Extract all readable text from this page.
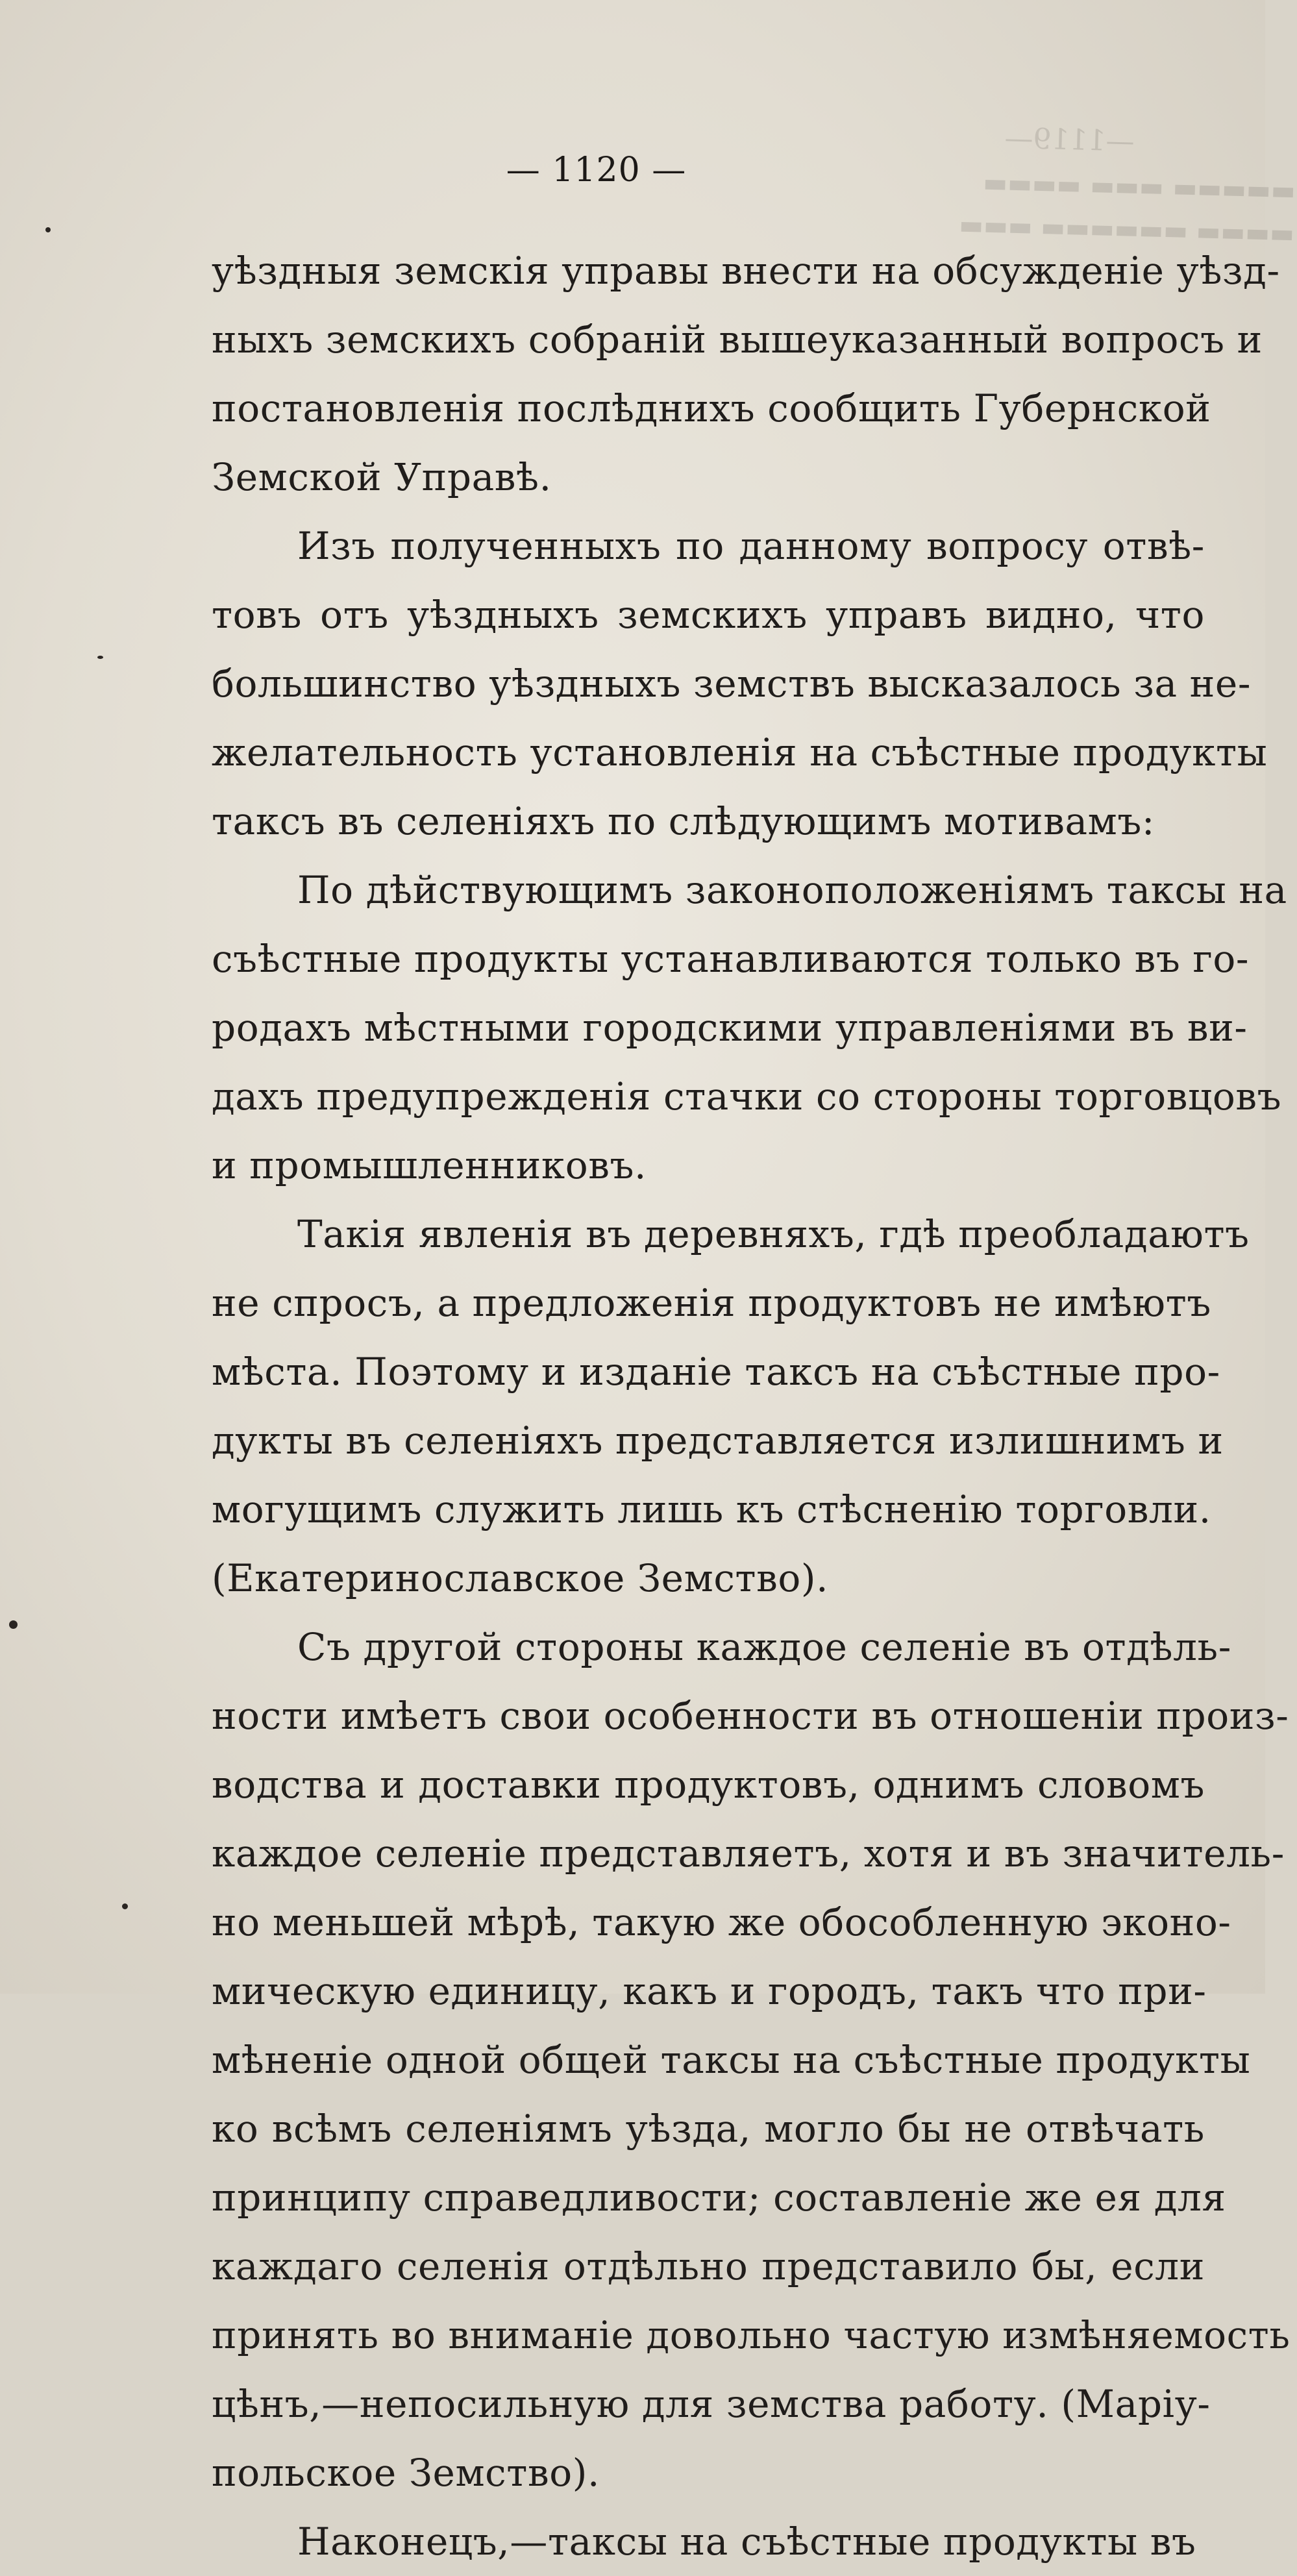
—1119—
▬▬▬▬▬ ▬▬▬ ▬▬▬▬
▬▬▬▬ ▬▬▬▬▬▬ ▬▬▬
— 1120 —
уѣздныя земскія управы внести на обсужденіе уѣзд-
ныхъ земскихъ собраній вышеуказанный вопросъ и
постановленія послѣднихъ сообщить Губернской
Земской Управѣ.
Изъ полученныхъ по данному вопросу отвѣ-
товъ отъ уѣздныхъ земскихъ управъ видно, что
большинство уѣздныхъ земствъ высказалось за не-
желательность установленія на съѣстные продукты
таксъ въ селеніяхъ по слѣдующимъ мотивамъ:
По дѣйствующимъ законоположеніямъ таксы на
съѣстные продукты устанавливаются только въ го-
родахъ мѣстными городскими управленіями въ ви-
дахъ предупрежденія стачки со стороны торговцовъ
и промышленниковъ.
Такія явленія въ деревняхъ, гдѣ преобладаютъ
не спросъ, а предложенія продуктовъ не имѣютъ
мѣста. Поэтому и изданіе таксъ на съѣстные про-
дукты въ селеніяхъ представляется излишнимъ и
могущимъ служить лишь къ стѣсненію торговли.
(Екатеринославское Земство).
Съ другой стороны каждое селеніе въ отдѣль-
ности имѣетъ свои особенности въ отношеніи произ-
водства и доставки продуктовъ, однимъ словомъ
каждое селеніе представляетъ, хотя и въ значитель-
но меньшей мѣрѣ, такую же обособленную эконо-
мическую единицу, какъ и городъ, такъ что при-
мѣненіе одной общей таксы на съѣстные продукты
ко всѣмъ селеніямъ уѣзда, могло бы не отвѣчать
принципу справедливости; составленіе же ея для
каждаго селенія отдѣльно представило бы, если
принять во вниманіе довольно частую измѣняемость
цѣнъ,—непосильную для земства работу. (Маріу-
польское Земство).
Наконецъ,—таксы на съѣстные продукты въ
